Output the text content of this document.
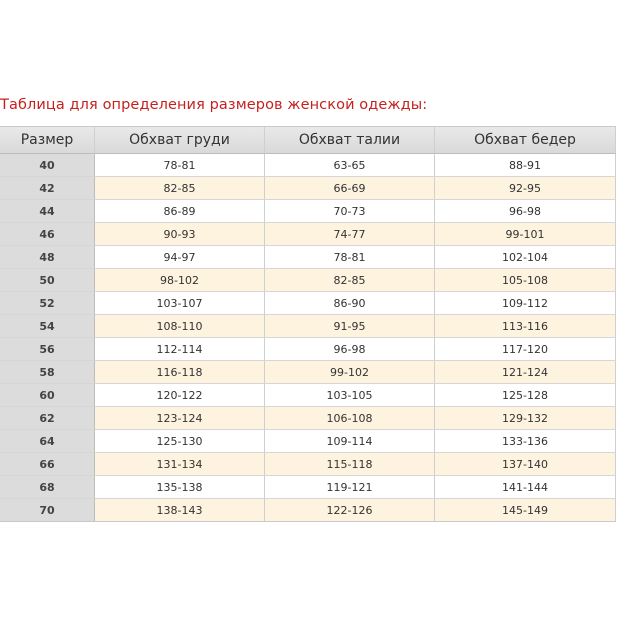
Таблица для определения размеров женской одежды:
Размер	Обхват груди	Обхват талии	Обхват бедер
40	78-81	63-65	88-91
42	82-85	66-69	92-95
44	86-89	70-73	96-98
46	90-93	74-77	99-101
48	94-97	78-81	102-104
50	98-102	82-85	105-108
52	103-107	86-90	109-112
54	108-110	91-95	113-116
56	112-114	96-98	117-120
58	116-118	99-102	121-124
60	120-122	103-105	125-128
62	123-124	106-108	129-132
64	125-130	109-114	133-136
66	131-134	115-118	137-140
68	135-138	119-121	141-144
70	138-143	122-126	145-149
